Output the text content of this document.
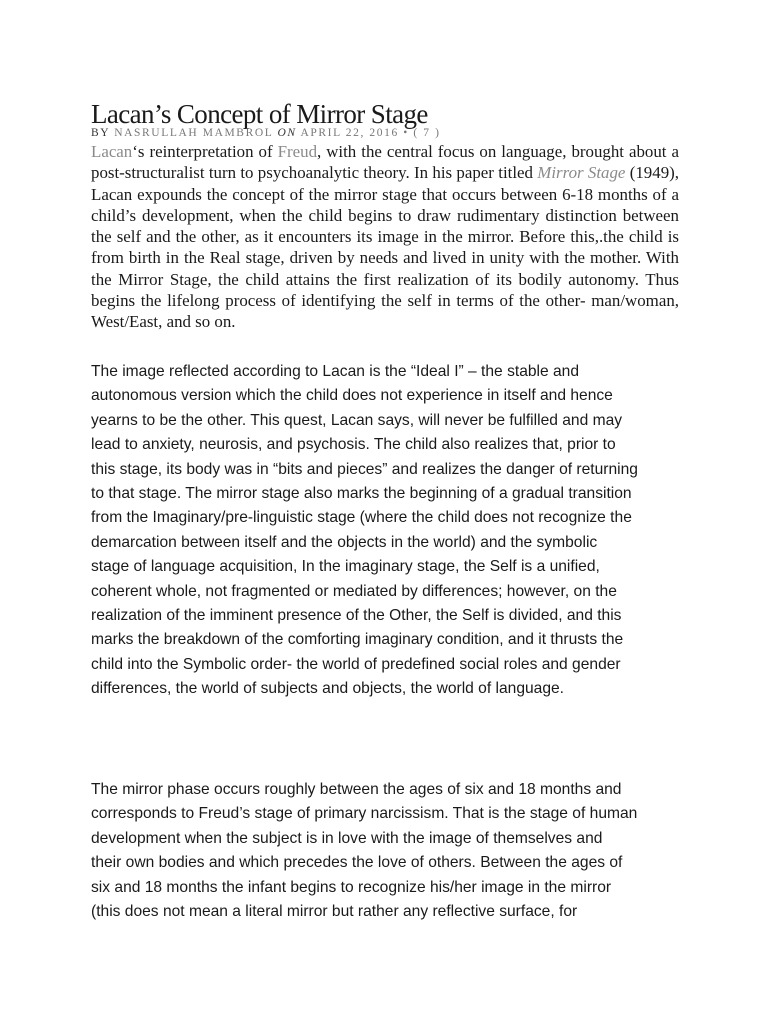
Lacan’s Concept of Mirror Stage
BY NASRULLAH MAMBROL ON APRIL 22, 2016 • ( 7 )
Lacan‘s reinterpretation of Freud, with the central focus on language, brought about a post-structuralist turn to psychoanalytic theory. In his paper titled Mirror Stage (1949), Lacan expounds the concept of the mirror stage that occurs between 6-18 months of a child’s development, when the child begins to draw rudimentary distinction between the self and the other, as it encounters its image in the mirror. Before this,.the child is from birth in the Real stage, driven by needs and lived in unity with the mother. With the Mirror Stage, the child attains the first realization of its bodily autonomy. Thus begins the lifelong process of identifying the self in terms of the other- man/woman, West/East, and so on.
The image reflected according to Lacan is the “Ideal I” – the stable and
autonomous version which the child does not experience in itself and hence
yearns to be the other. This quest, Lacan says, will never be fulfilled and may
lead to anxiety, neurosis, and psychosis. The child also realizes that, prior to
this stage, its body was in “bits and pieces” and realizes the danger of returning
to that stage. The mirror stage also marks the beginning of a gradual transition
from the Imaginary/pre-linguistic stage (where the child does not recognize the
demarcation between itself and the objects in the world) and the symbolic
stage of language acquisition, In the imaginary stage, the Self is a unified,
coherent whole, not fragmented or mediated by differences; however, on the
realization of the imminent presence of the Other, the Self is divided, and this
marks the breakdown of the comforting imaginary condition, and it thrusts the
child into the Symbolic order- the world of predefined social roles and gender
differences, the world of subjects and objects, the world of language.
The mirror phase occurs roughly between the ages of six and 18 months and
corresponds to Freud’s stage of primary narcissism. That is the stage of human
development when the subject is in love with the image of themselves and
their own bodies and which precedes the love of others. Between the ages of
six and 18 months the infant begins to recognize his/her image in the mirror
(this does not mean a literal mirror but rather any reflective surface, for
